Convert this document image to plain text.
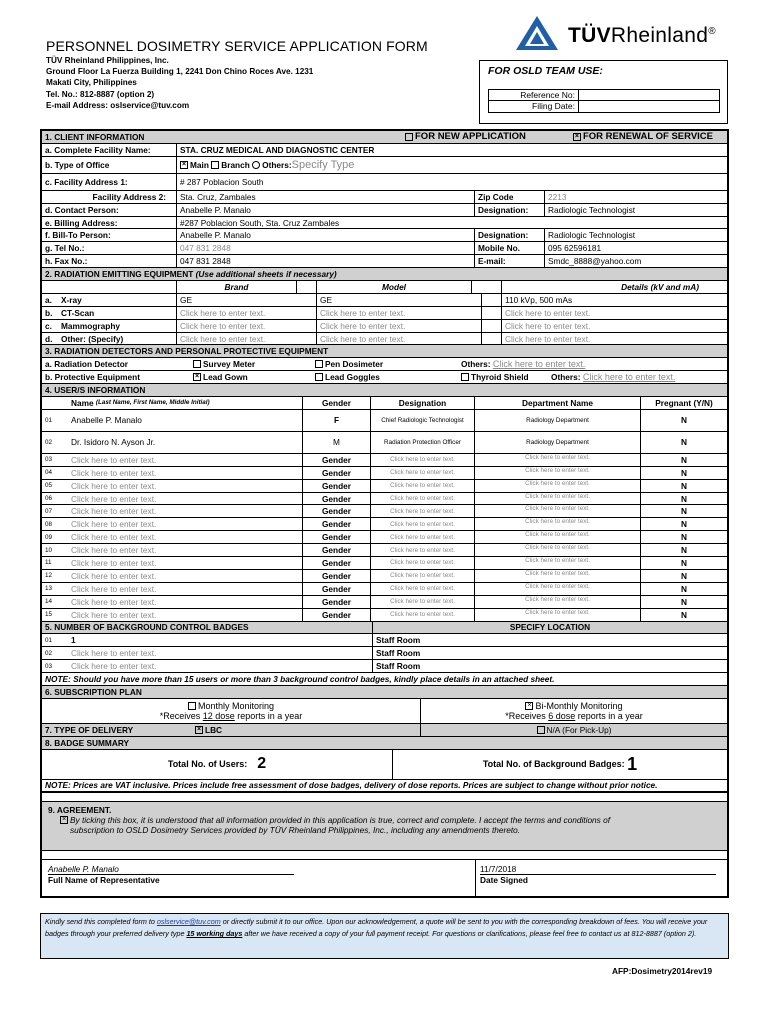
PERSONNEL DOSIMETRY SERVICE APPLICATION FORM
TÜV Rheinland Philippines, Inc.
Ground Floor La Fuerza Building 1, 2241 Don Chino Roces Ave. 1231
Makati City, Philippines
Tel. No.: 812-8887 (option 2)
E-mail Address: oslservice@tuv.com
TÜVRheinland®
FOR OSLD TEAM USE:
Reference No:
Filing Date:
1. CLIENT INFORMATION	FOR NEW APPLICATION	× FOR RENEWAL OF SERVICE
a. Complete Facility Name:	STA. CRUZ MEDICAL AND DIAGNOSTIC CENTER
b. Type of Office	× Main
Branch
Others: Specify Type
c. Facility Address 1:	# 287 Poblacion South
Facility Address 2:	Sta. Cruz, Zambales	Zip Code	2213
d. Contact Person:	Anabelle P. Manalo	Designation:	Radiologic Technologist
e. Billing Address:	#287 Poblacion South, Sta. Cruz Zambales
f. Bill-To Person:	Anabelle P. Manalo	Designation:	Radiologic Technologist
g. Tel No.:	047 831 2848	Mobile No.	095 62596181
h. Fax No.:	047 831 2848	E-mail:	Smdc_8888@yahoo.com
2. RADIATION EMITTING EQUIPMENT
(Use additional sheets if necessary)
Brand	Model	Details (kV and mA)
a.	X-ray	GE	GE	110 kVp, 500 mAs
b.	CT-Scan	Click here to enter text.	Click here to enter text.	Click here to enter text.
c.	Mammography	Click here to enter text.	Click here to enter text.	Click here to enter text.
d.	Other: (Specify)	Click here to enter text.	Click here to enter text.	Click here to enter text.
3. RADIATION DETECTORS AND PERSONAL PROTECTIVE EQUIPMENT
a. Radiation Detector	Survey Meter	Pen Dosimeter	Others:
Click here to enter text.
b. Protective Equipment	× Lead Gown	Lead Goggles	Thyroid Shield	Others:
Click here to enter text.
4. USER/S INFORMATION
Name
(Last Name, First Name, Middle Initial)	Gender	Designation	Department Name	Pregnant (Y/N)
01	Anabelle P. Manalo	F	Chief Radiologic Technologist	Radiology Department	N
02	Dr. Isidoro N. Ayson Jr.	M	Radiation Protection Officer	Radiology Department	N
03	Click here to enter text.	Gender	Click here to enter text.	Click here to enter text.	N
04	Click here to enter text.	Gender	Click here to enter text.	Click here to enter text.	N
05	Click here to enter text.	Gender	Click here to enter text.	Click here to enter text.	N
06	Click here to enter text.	Gender	Click here to enter text.	Click here to enter text.	N
07	Click here to enter text.	Gender	Click here to enter text.	Click here to enter text.	N
08	Click here to enter text.	Gender	Click here to enter text.	Click here to enter text.	N
09	Click here to enter text.	Gender	Click here to enter text.	Click here to enter text.	N
10	Click here to enter text.	Gender	Click here to enter text.	Click here to enter text.	N
11	Click here to enter text.	Gender	Click here to enter text.	Click here to enter text.	N
12	Click here to enter text.	Gender	Click here to enter text.	Click here to enter text.	N
13	Click here to enter text.	Gender	Click here to enter text.	Click here to enter text.	N
14	Click here to enter text.	Gender	Click here to enter text.	Click here to enter text.	N
15	Click here to enter text.	Gender	Click here to enter text.	Click here to enter text.	N
5. NUMBER OF BACKGROUND CONTROL BADGES	SPECIFY LOCATION
01	1	Staff Room
02	Click here to enter text.	Staff Room
03	Click here to enter text.	Staff Room
NOTE: Should you have more than 15 users or more than 3 background control badges, kindly place details in an attached sheet.
6. SUBSCRIPTION PLAN
Monthly Monitoring
*Receives 12 dose reports in a year
× Bi-Monthly Monitoring
*Receives 6 dose reports in a year
7. TYPE OF DELIVERY	× LBC	N/A (For Pick-Up)
8. BADGE SUMMARY
Total No. of Users:
2	Total No. of Background Badges:
1
NOTE: Prices are VAT inclusive. Prices include free assessment of dose badges, delivery of dose reports. Prices are subject to change without prior notice.
9. AGREEMENT.
× By ticking this box, it is understood that all information provided in this application is true, correct and complete. I accept the terms and conditions of
subscription to OSLD Dosimetry Services provided by TÜV Rheinland Philippines, Inc., including any amendments thereto.
Anabelle P. Manalo
Full Name of Representative
11/7/2018
Date Signed
Kindly send this completed form to oslservice@tuv.com or directly submit it to our office. Upon our acknowledgement, a quote will be sent to you with the corresponding breakdown of fees. You will receive your badges through your preferred delivery type 15 working days after we have received a copy of your full payment receipt. For questions or clarifications, please feel free to contact us at 812-8887 (option 2).
AFP:Dosimetry2014rev19
